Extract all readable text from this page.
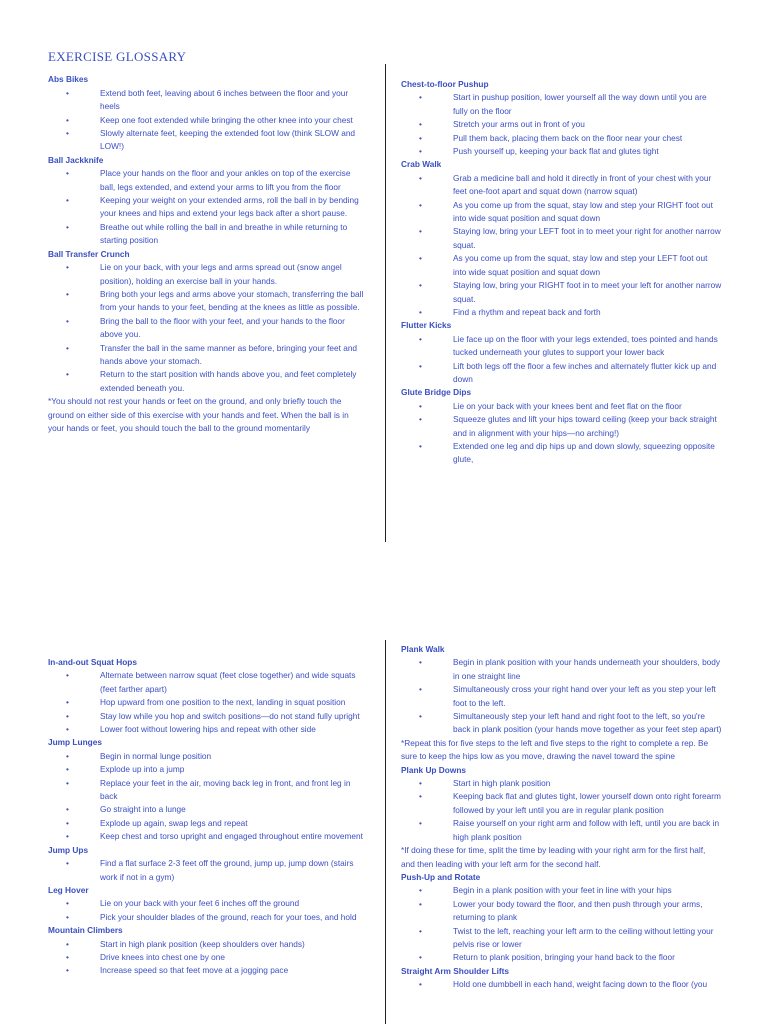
EXERCISE GLOSSARY
Abs Bikes
• Extend both feet, leaving about 6 inches between the floor and your heels
• Keep one foot extended while bringing the other knee into your chest
• Slowly alternate feet, keeping the extended foot low (think SLOW and LOW!)
Ball Jackknife
• Place your hands on the floor and your ankles on top of the exercise ball, legs extended, and extend your arms to lift you from the floor
• Keeping your weight on your extended arms, roll the ball in by bending your knees and hips and extend your legs back after a short pause.
• Breathe out while rolling the ball in and breathe in while returning to starting position
Ball Transfer Crunch
• Lie on your back, with your legs and arms spread out (snow angel position), holding an exercise ball in your hands.
• Bring both your legs and arms above your stomach, transferring the ball from your hands to your feet, bending at the knees as little as possible.
• Bring the ball to the floor with your feet, and your hands to the floor above you.
• Transfer the ball in the same manner as before, bringing your feet and hands above your stomach.
• Return to the start position with hands above you, and feet completely extended beneath you.

*You should not rest your hands or feet on the ground, and only briefly touch the ground on either side of this exercise with your hands and feet. When the ball is in your hands or feet, you should touch the ball to the ground momentarily

Chest-to-floor Pushup
• Start in pushup position, lower yourself all the way down until you are fully on the floor
• Stretch your arms out in front of you
• Pull them back, placing them back on the floor near your chest
• Push yourself up, keeping your back flat and glutes tight
Crab Walk
• Grab a medicine ball and hold it directly in front of your chest with your feet one-foot apart and squat down (narrow squat)
• As you come up from the squat, stay low and step your RIGHT foot out into wide squat position and squat down
• Staying low, bring your LEFT foot in to meet your right for another narrow squat.
• As you come up from the squat, stay low and step your LEFT foot out into wide squat position and squat down
• Staying low, bring your RIGHT foot in to meet your left for another narrow squat.
• Find a rhythm and repeat back and forth
Flutter Kicks
• Lie face up on the floor with your legs extended, toes pointed and hands tucked underneath your glutes to support your lower back
• Lift both legs off the floor a few inches and alternately flutter kick up and down
Glute Bridge Dips
• Lie on your back with your knees bent and feet flat on the floor
• Squeeze glutes and lift your hips toward ceiling (keep your back straight and in alignment with your hips—no arching!)
• Extended one leg and dip hips up and down slowly, squeezing opposite glute,
In-and-out Squat Hops
• Alternate between narrow squat (feet close together) and wide squats (feet farther apart)
• Hop upward from one position to the next, landing in squat position
• Stay low while you hop and switch positions—do not stand fully upright
• Lower foot without lowering hips and repeat with other side
Jump Lunges
• Begin in normal lunge position
• Explode up into a jump
• Replace your feet in the air, moving back leg in front, and front leg in back
• Go straight into a lunge
• Explode up again, swap legs and repeat
• Keep chest and torso upright and engaged throughout entire movement
Jump Ups
• Find a flat surface 2-3 feet off the ground, jump up, jump down (stairs work if not in a gym)
Leg Hover
• Lie on your back with your feet 6 inches off the ground
• Pick your shoulder blades of the ground, reach for your toes, and hold
Mountain Climbers
• Start in high plank position (keep shoulders over hands)
• Drive knees into chest one by one
• Increase speed so that feet move at a jogging pace
Plank Walk
• Begin in plank position with your hands underneath your shoulders, body in one straight line
• Simultaneously cross your right hand over your left as you step your left foot to the left.
• Simultaneously step your left hand and right foot to the left, so you're back in plank position (your hands move together as your feet step apart)

*Repeat this for five steps to the left and five steps to the right to complete a rep. Be sure to keep the hips low as you move, drawing the navel toward the spine

Plank Up Downs
• Start in high plank position
• Keeping back flat and glutes tight, lower yourself down onto right forearm followed by your left until you are in regular plank position
• Raise yourself on your right arm and follow with left, until you are back in high plank position

*If doing these for time, split the time by leading with your right arm for the first half, and then leading with your left arm for the second half.

Push-Up and Rotate
• Begin in a plank position with your feet in line with your hips
• Lower your body toward the floor, and then push through your arms, returning to plank
• Twist to the left, reaching your left arm to the ceiling without letting your pelvis rise or lower
• Return to plank position, bringing your hand back to the floor
Straight Arm Shoulder Lifts
• Hold one dumbbell in each hand, weight facing down to the floor (you
